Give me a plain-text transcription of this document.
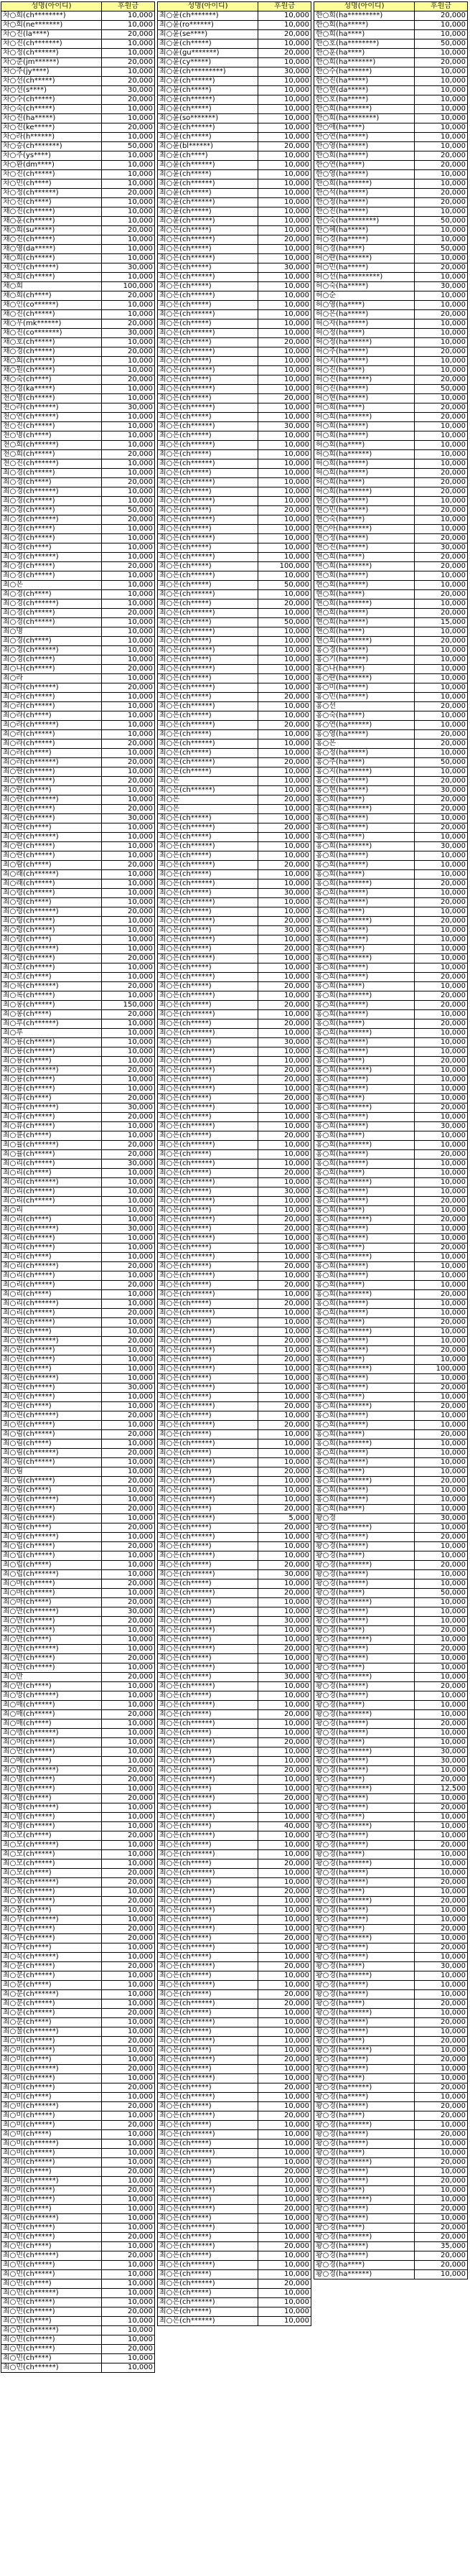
성명(아이디)	후원금
차○희(ch********)	10,000
차○희(ne*******)	10,000
차○진(la****)	20,000
차○진(ch*******)	10,000
차○정(ch******)	10,000
차○준(jm******)	20,000
차○주(jy****)	10,000
차○선(ch*****)	20,000
차○선(s****)	30,000
차○수(ch*****)	20,000
차○숙(ch*****)	10,000
차○진(ha*****)	10,000
차○진(ke*****)	20,000
차○라(h******)	10,000
차○승(ch*******)	50,000
차○주(ys****)	10,000
차○환(dm****)	10,000
차○진(ch*****)	10,000
차○민(ch****)	10,000
차○정(ch******)	20,000
차○진(ch****)	10,000
채○진(ch*****)	10,000
채○훈(ch*****)	10,000
채○희(su*****)	20,000
채○진(ch*****)	10,000
채○영(da*****)	10,000
채○희(ch*****)	10,000
채○인(ch******)	30,000
채○희(ch*****)	10,000
채○희	100,000
채○희(ch****)	20,000
채○인(co******)	10,000
채○진(ch*****)	10,000
채○우(mk******)	20,000
채○진(co*******)	30,000
채○호(ch*****)	10,000
채○경(ch*****)	20,000
채○희(ch*****)	10,000
채○원(ch*****)	10,000
채○숙(ch****)	20,000
천○경(ka*****)	10,000
천○명(ch*****)	10,000
천○라(ch******)	30,000
천○연(ch******)	10,000
천○진(ch*****)	10,000
천○명(ch****)	10,000
천○희(ch******)	10,000
천○희(ch*****)	20,000
천○진(ch******)	10,000
최○경(ch*****)	10,000
최○경(ch****)	20,000
최○경(ch******)	10,000
최○경(ch*****)	10,000
최○경(ch*****)	50,000
최○경(ch******)	20,000
최○경(ch*****)	10,000
최○경(ch*****)	10,000
최○경(ch****)	10,000
최○경(ch******)	10,000
최○경(ch*****)	20,000
최○경(ch*****)	10,000
최○은	10,000
최○경(ch****)	10,000
최○경(ch******)	10,000
최○경(ch*****)	20,000
최○경(ch*****)	10,000
최○명	10,000
최○경(ch****)	10,000
최○경(ch******)	10,000
최○경(ch*****)	10,000
최○나(ch*****)	20,000
최○라	10,000
최○라(ch******)	20,000
최○라(ch*****)	10,000
최○라(ch*****)	10,000
최○라(ch****)	10,000
최○라(ch******)	10,000
최○라(ch*****)	10,000
최○라(ch*****)	20,000
최○라(ch****)	10,000
최○라(ch******)	20,000
최○란(ch*****)	10,000
최○란(ch*****)	20,000
최○란(ch****)	10,000
최○란(ch******)	10,000
최○란(ch*****)	20,000
최○란(ch*****)	30,000
최○란(ch****)	10,000
최○란(ch******)	10,000
최○란(ch*****)	10,000
최○란(ch*****)	10,000
최○람(ch****)	20,000
최○래(ch******)	10,000
최○래(ch*****)	10,000
최○령(ch*****)	10,000
최○령(ch****)	10,000
최○령(ch******)	20,000
최○령(ch*****)	10,000
최○령(ch*****)	10,000
최○령(ch****)	10,000
최○령(ch******)	10,000
최○령(ch*****)	20,000
최○로(ch*****)	10,000
최○로(ch****)	10,000
최○록(ch******)	20,000
최○록(ch*****)	10,000
최○롱(ch*****)	150,000
최○롱(ch****)	20,000
최○루(ch******)	10,000
최○루	10,000
최○룡(ch*****)	10,000
최○룡(ch*****)	10,000
최○룡(ch****)	10,000
최○룡(ch******)	20,000
최○룡(ch*****)	10,000
최○룡(ch*****)	10,000
최○류(ch****)	20,000
최○류(ch******)	30,000
최○류(ch*****)	20,000
최○류(ch*****)	10,000
최○륜(ch****)	10,000
최○률(ch******)	20,000
최○률(ch*****)	20,000
최○리(ch*****)	30,000
최○리(ch****)	10,000
최○리(ch******)	10,000
최○리(ch*****)	10,000
최○리(ch*****)	10,000
최○리	10,000
최○리(ch****)	10,000
최○리(ch******)	30,000
최○리(ch*****)	10,000
최○리(ch*****)	10,000
최○리(ch****)	10,000
최○리(ch******)	20,000
최○리(ch*****)	10,000
최○리(ch*****)	20,000
최○리(ch****)	10,000
최○리(ch******)	10,000
최○리(ch*****)	20,000
최○린(ch*****)	10,000
최○린(ch****)	10,000
최○린(ch******)	20,000
최○린(ch*****)	10,000
최○린(ch*****)	10,000
최○린(ch****)	10,000
최○린(ch******)	10,000
최○린(ch*****)	30,000
최○린(ch*****)	10,000
최○린(ch****)	10,000
최○린(ch******)	20,000
최○린(ch*****)	10,000
최○림(ch*****)	20,000
최○림(ch****)	10,000
최○림(ch******)	20,000
최○림(ch*****)	10,000
최○림	10,000
최○림(ch*****)	20,000
최○림(ch****)	10,000
최○림(ch******)	10,000
최○림(ch*****)	20,000
최○림(ch*****)	10,000
최○림(ch****)	20,000
최○림(ch******)	10,000
최○립(ch*****)	20,000
최○립(ch*****)	10,000
최○립(ch****)	10,000
최○립(ch******)	10,000
최○마(ch*****)	20,000
최○마(ch*****)	10,000
최○마(ch****)	20,000
최○만(ch******)	30,000
최○만(ch*****)	20,000
최○만(ch*****)	10,000
최○만(ch****)	10,000
최○만(ch******)	10,000
최○만(ch*****)	20,000
최○만(ch*****)	10,000
최○만	20,000
최○만(ch****)	10,000
최○망(ch******)	10,000
최○매(ch*****)	10,000
최○매(ch*****)	20,000
최○매(ch****)	10,000
최○맹(ch******)	10,000
최○머(ch*****)	10,000
최○먼(ch*****)	10,000
최○메(ch****)	10,000
최○명(ch******)	20,000
최○명(ch*****)	20,000
최○명(ch*****)	10,000
최○명(ch****)	20,000
최○명(ch******)	10,000
최○명(ch*****)	10,000
최○명(ch*****)	10,000
최○모(ch****)	20,000
최○모(ch******)	10,000
최○모(ch*****)	10,000
최○모(ch*****)	10,000
최○모(ch****)	20,000
최○목(ch******)	20,000
최○목(ch*****)	10,000
최○몽(ch*****)	20,000
최○몽(ch****)	10,000
최○무(ch******)	10,000
최○무(ch*****)	20,000
최○무(ch*****)	20,000
최○무(ch****)	10,000
최○묵(ch******)	10,000
최○문(ch*****)	20,000
최○문(ch*****)	10,000
최○문(ch****)	10,000
최○문(ch******)	10,000
최○문(ch*****)	10,000
최○문(ch*****)	20,000
최○문(ch****)	10,000
최○물(ch******)	10,000
최○미(ch*****)	20,000
최○미(ch*****)	10,000
최○미(ch****)	10,000
최○미(ch******)	20,000
최○미(ch*****)	10,000
최○미(ch*****)	20,000
최○미(ch****)	10,000
최○미(ch******)	20,000
최○미(ch*****)	10,000
최○미(ch*****)	20,000
최○미(ch****)	10,000
최○미(ch******)	10,000
최○미(ch*****)	10,000
최○미(ch*****)	10,000
최○미(ch****)	20,000
최○미(ch******)	10,000
최○미(ch*****)	20,000
최○미(ch*****)	10,000
최○미(ch****)	10,000
최○미(ch******)	10,000
최○민(ch*****)	10,000
최○민(ch*****)	20,000
최○민(ch****)	10,000
최○민(ch******)	20,000
최○민(ch*****)	10,000
최○민(ch*****)	10,000
최○민(ch****)	10,000
최○민(ch******)	10,000
최○민(ch*****)	10,000
최○민(ch*****)	20,000
최○민(ch****)	10,000
최○민(ch******)	10,000
최○민(ch*****)	10,000
최○민(ch*****)	20,000
최○민(ch****)	10,000
최○민(ch******)	10,000
성명(아이디)	후원금
최○윤(ch*******)	10,000
최○윤(ro******)	10,000
최○윤(se****)	20,000
최○윤(ch*****)	10,000
최○윤(gu*******)	20,000
최○윤(cy*****)	10,000
최○윤(ch*********)	30,000
최○윤(ch******)	10,000
최○윤(ch*****)	10,000
최○윤(ch******)	10,000
최○윤(ch*****)	10,000
최○윤(so*******)	10,000
최○윤(ch******)	10,000
최○윤(ch*****)	10,000
최○윤(bl******)	20,000
최○윤(ch****)	10,000
최○윤(ch******)	10,000
최○윤(ch*****)	10,000
최○윤(ch******)	10,000
최○윤(ch*****)	10,000
최○윤(ch******)	10,000
최○윤(ch*****)	10,000
최○윤(ch******)	10,000
최○은(ch*****)	10,000
최○은(ch******)	20,000
최○은(ch*****)	10,000
최○은(ch******)	10,000
최○은(ch*****)	30,000
최○은(ch******)	10,000
최○은(ch*****)	10,000
최○은(ch******)	10,000
최○은(ch*****)	10,000
최○은(ch******)	10,000
최○은(ch*****)	10,000
최○은(ch******)	10,000
최○은(ch*****)	20,000
최○은(ch******)	10,000
최○은(ch*****)	10,000
최○은(ch******)	10,000
최○은(ch*****)	10,000
최○은(ch******)	10,000
최○은(ch*****)	20,000
최○은(ch******)	10,000
최○은(ch*****)	10,000
최○은(ch******)	30,000
최○은(ch*****)	10,000
최○은(ch******)	10,000
최○은(ch*****)	10,000
최○은(ch******)	10,000
최○은(ch*****)	10,000
최○은(ch******)	10,000
최○은(ch*****)	10,000
최○은(ch******)	10,000
최○은(ch*****)	20,000
최○은(ch******)	10,000
최○은(ch*****)	10,000
최○은(ch******)	10,000
최○은(ch*****)	10,000
최○은(ch******)	10,000
최○은(ch*****)	100,000
최○은(ch******)	10,000
최○은(ch*****)	50,000
최○은(ch******)	10,000
최○은(ch*****)	20,000
최○은(ch******)	10,000
최○은(ch*****)	50,000
최○은(ch******)	10,000
최○은(ch*****)	10,000
최○은(ch******)	10,000
최○은(ch*****)	10,000
최○은(ch******)	10,000
최○은(ch*****)	10,000
최○은(ch******)	10,000
최○은(ch*****)	20,000
최○은(ch******)	10,000
최○은(ch*****)	10,000
최○은(ch******)	20,000
최○은(ch*****)	10,000
최○은(ch******)	10,000
최○은(ch*****)	10,000
최○은(ch******)	20,000
최○은(ch*****)	10,000
최○은	10,000
최○은(ch******)	10,000
최○은	20,000
최○은	10,000
최○은(ch*****)	10,000
최○은(ch******)	20,000
최○은(ch*****)	10,000
최○은(ch******)	10,000
최○은(ch*****)	10,000
최○은(ch******)	20,000
최○은(ch*****)	10,000
최○은(ch******)	10,000
최○은(ch*****)	30,000
최○은(ch******)	10,000
최○은(ch*****)	10,000
최○은(ch******)	20,000
최○은(ch*****)	30,000
최○은(ch******)	10,000
최○은(ch*****)	20,000
최○은(ch******)	10,000
최○은(ch*****)	10,000
최○은(ch******)	10,000
최○은(ch*****)	20,000
최○은(ch******)	10,000
최○은(ch*****)	20,000
최○은(ch******)	10,000
최○은(ch*****)	20,000
최○은(ch******)	10,000
최○은(ch*****)	30,000
최○은(ch******)	10,000
최○은(ch*****)	10,000
최○은(ch******)	20,000
최○은(ch*****)	20,000
최○은(ch******)	10,000
최○은(ch*****)	20,000
최○은(ch******)	10,000
최○은(ch*****)	10,000
최○은(ch******)	10,000
최○은(ch*****)	20,000
최○은(ch******)	10,000
최○은(ch*****)	10,000
최○은(ch******)	10,000
최○은(ch*****)	20,000
최○은(ch******)	10,000
최○은(ch*****)	30,000
최○은(ch******)	10,000
최○은(ch*****)	10,000
최○은(ch******)	20,000
최○은(ch*****)	20,000
최○은(ch******)	10,000
최○은(ch*****)	10,000
최○은(ch******)	10,000
최○은(ch*****)	20,000
최○은(ch******)	10,000
최○은(ch*****)	20,000
최○은(ch******)	10,000
최○은(ch*****)	20,000
최○은(ch******)	10,000
최○은(ch*****)	10,000
최○은(ch******)	10,000
최○은(ch*****)	20,000
최○은(ch******)	10,000
최○은(ch*****)	20,000
최○은(ch******)	10,000
최○은(ch*****)	10,000
최○은(ch******)	10,000
최○은(ch*****)	10,000
최○은(ch******)	20,000
최○은(ch*****)	10,000
최○은(ch******)	20,000
최○은(ch*****)	10,000
최○은(ch******)	10,000
최○은(ch*****)	10,000
최○은(ch******)	10,000
최○은(ch*****)	20,000
최○은(ch******)	10,000
최○은(ch*****)	10,000
최○은(ch******)	10,000
최○은(ch*****)	20,000
최○은(ch******)	5,000
최○은(ch*****)	20,000
최○은(ch******)	10,000
최○은(ch*****)	10,000
최○은(ch******)	10,000
최○은(ch*****)	20,000
최○은(ch******)	30,000
최○은(ch*****)	10,000
최○은(ch******)	20,000
최○은(ch*****)	10,000
최○은(ch******)	10,000
최○은(ch*****)	30,000
최○은(ch******)	10,000
최○은(ch*****)	10,000
최○은(ch******)	20,000
최○은(ch*****)	10,000
최○은(ch******)	10,000
최○은(ch*****)	30,000
최○은(ch******)	10,000
최○은(ch*****)	10,000
최○은(ch******)	10,000
최○은(ch*****)	20,000
최○은(ch******)	10,000
최○은(ch*****)	10,000
최○은(ch******)	20,000
최○은(ch*****)	10,000
최○은(ch******)	10,000
최○은(ch*****)	20,000
최○은(ch******)	10,000
최○은(ch*****)	10,000
최○은(ch******)	20,000
최○은(ch*****)	10,000
최○은(ch******)	10,000
최○은(ch*****)	40,000
최○은(ch******)	10,000
최○은(ch*****)	10,000
최○은(ch******)	10,000
최○은(ch*****)	20,000
최○은(ch******)	10,000
최○은(ch*****)	10,000
최○은(ch******)	20,000
최○은(ch*****)	10,000
최○은(ch******)	10,000
최○은(ch*****)	10,000
최○은(ch******)	10,000
최○은(ch*****)	20,000
최○은(ch******)	10,000
최○은(ch*****)	10,000
최○은(ch******)	20,000
최○은(ch*****)	10,000
최○은(ch******)	10,000
최○은(ch*****)	20,000
최○은(ch******)	20,000
최○은(ch*****)	10,000
최○은(ch******)	10,000
최○은(ch*****)	10,000
최○은(ch******)	10,000
최○은(ch*****)	10,000
최○은(ch******)	20,000
최○은(ch*****)	10,000
최○은(ch******)	10,000
최○은(ch*****)	20,000
최○은(ch******)	10,000
최○은(ch*****)	10,000
최○은(ch******)	20,000
최○은(ch*****)	10,000
최○은(ch******)	10,000
최○은(ch*****)	10,000
최○은(ch******)	10,000
최○은(ch*****)	10,000
최○은(ch******)	20,000
최○은(ch*****)	10,000
최○은(ch******)	10,000
최○은(ch*****)	10,000
최○은(ch******)	20,000
최○은(ch*****)	10,000
최○은(ch******)	10,000
최○은(ch*****)	10,000
최○은(ch******)	20,000
최○은(ch*****)	10,000
최○은(ch******)	10,000
최○은(ch*****)	10,000
최○은(ch******)	20,000
최○은(ch*****)	10,000
최○은(ch******)	10,000
최○은(ch*****)	10,000
최○은(ch******)	10,000
성명(아이디)	후원금
한○희(ha*********)	20,000
한○희(ha*****)	10,000
한○희(ha****)	10,000
한○호(ha********)	50,000
한○훈(ha****)	10,000
한○희(ha*******)	20,000
한○수(ha******)	10,000
한○진(ha*****)	10,000
한○현(da*****)	10,000
한○호(ha*****)	10,000
한○희(ha******)	10,000
한○희(ha********)	10,000
한○애(ha****)	10,000
한○연(ha*****)	10,000
한○영(ha*****)	10,000
한○희(ha*****)	20,000
한○연(ha****)	20,000
한○영(ha*****)	10,000
한○희(ha******)	10,000
한○석(ha*****)	20,000
한○정(ha*****)	20,000
한○진(ha*****)	10,000
한○숙(ha********)	50,000
한○혜(ha*****)	10,000
허○경(ha*****)	10,000
허○경(ha****)	50,000
허○란(ha******)	10,000
허○민(ha*****)	20,000
허○선(ha*********)	10,000
허○숙(ha*****)	30,000
허○순	10,000
허○영(ha****)	10,000
허○은(ha*****)	20,000
허○자(ha*****)	10,000
허○정(ha****)	10,000
허○정(ha******)	10,000
허○주(ha*****)	20,000
허○지(ha*****)	10,000
허○진(ha****)	10,000
허○진(ha******)	20,000
허○진(ha*****)	50,000
허○현(ha*****)	10,000
허○희(ha****)	20,000
허○희(ha******)	20,000
허○희(ha*****)	10,000
허○희(ha*****)	10,000
허○희(ha****)	10,000
허○희(ha******)	10,000
허○희(ha*****)	10,000
허○희(ha*****)	20,000
허○희(ha****)	20,000
허○희(ha******)	20,000
현○경(ha*****)	10,000
현○민(ha*****)	20,000
현○숙(ha****)	10,000
현○아(ha******)	10,000
현○정(ha*****)	20,000
현○진(ha*****)	30,000
현○희(ha****)	20,000
현○희(ha******)	20,000
현○희(ha*****)	10,000
현○희(ha*****)	10,000
현○희(ha****)	20,000
현○희(ha******)	10,000
현○희(ha*****)	20,000
현○희(ha*****)	15,000
현○희(ha****)	10,000
현○희(ha******)	20,000
홍○경(ha*****)	10,000
홍○기(ha*****)	10,000
홍○나(ha****)	10,000
홍○란(ha******)	10,000
홍○미(ha*****)	10,000
홍○민(ha*****)	10,000
홍○선	20,000
홍○숙(ha****)	10,000
홍○연(ha******)	10,000
홍○영(ha*****)	20,000
홍○은	20,000
홍○정(ha*****)	10,000
홍○주(ha****)	50,000
홍○지(ha******)	10,000
홍○진(ha*****)	20,000
홍○현(ha*****)	30,000
홍○희(ha****)	20,000
홍○희(ha******)	20,000
홍○희(ha*****)	10,000
홍○희(ha*****)	20,000
홍○희(ha****)	10,000
홍○희(ha******)	30,000
홍○희(ha*****)	10,000
홍○희(ha*****)	10,000
홍○희(ha****)	10,000
홍○희(ha******)	20,000
홍○희(ha*****)	10,000
홍○희(ha*****)	20,000
홍○희(ha****)	10,000
홍○희(ha******)	20,000
홍○희(ha*****)	10,000
홍○희(ha*****)	10,000
홍○희(ha****)	10,000
홍○희(ha******)	10,000
홍○희(ha*****)	10,000
홍○희(ha*****)	20,000
홍○희(ha****)	10,000
홍○희(ha******)	20,000
홍○희(ha*****)	20,000
홍○희(ha*****)	10,000
홍○희(ha****)	20,000
홍○희(ha******)	10,000
홍○희(ha*****)	10,000
홍○희(ha*****)	10,000
홍○희(ha****)	20,000
홍○희(ha******)	10,000
홍○희(ha*****)	10,000
홍○희(ha*****)	10,000
홍○희(ha****)	10,000
홍○희(ha******)	20,000
홍○희(ha*****)	10,000
홍○희(ha*****)	30,000
홍○희(ha****)	10,000
홍○희(ha******)	10,000
홍○희(ha*****)	20,000
홍○희(ha*****)	10,000
홍○희(ha****)	10,000
홍○희(ha******)	10,000
홍○희(ha*****)	10,000
홍○희(ha*****)	20,000
홍○희(ha****)	10,000
홍○희(ha******)	20,000
홍○희(ha*****)	10,000
홍○희(ha*****)	10,000
홍○희(ha****)	20,000
홍○희(ha******)	10,000
홍○희(ha*****)	10,000
홍○희(ha*****)	10,000
홍○희(ha****)	10,000
홍○희(ha******)	20,000
홍○희(ha*****)	10,000
홍○희(ha*****)	10,000
홍○희(ha****)	20,000
홍○희(ha******)	10,000
홍○희(ha*****)	10,000
홍○희(ha*****)	20,000
홍○희(ha****)	10,000
홍○희(ha******)	100,000
홍○희(ha*****)	10,000
홍○희(ha*****)	20,000
홍○희(ha****)	10,000
홍○희(ha******)	20,000
홍○희(ha*****)	10,000
홍○희(ha*****)	10,000
홍○희(ha****)	20,000
홍○희(ha******)	10,000
홍○희(ha*****)	10,000
홍○희(ha*****)	10,000
홍○희(ha****)	10,000
홍○희(ha******)	20,000
홍○희(ha*****)	10,000
홍○희(ha*****)	10,000
홍○희(ha****)	10,000
황○경	30,000
황○경(ha******)	10,000
황○경(ha*****)	20,000
황○경(ha*****)	10,000
황○경(ha****)	10,000
황○경(ha******)	20,000
황○경(ha*****)	10,000
황○경(ha*****)	10,000
황○경(ha****)	50,000
황○경(ha******)	10,000
황○경(ha*****)	10,000
황○경(ha*****)	10,000
황○경(ha****)	20,000
황○경(ha******)	10,000
황○경(ha*****)	20,000
황○경(ha*****)	10,000
황○경(ha****)	10,000
황○경(ha******)	10,000
황○경(ha*****)	20,000
황○경(ha*****)	10,000
황○경(ha****)	10,000
황○경(ha******)	10,000
황○경(ha*****)	20,000
황○경(ha*****)	10,000
황○경(ha****)	10,000
황○경(ha******)	30,000
황○경(ha*****)	30,000
황○경(ha*****)	10,000
황○경(ha****)	20,000
황○경(ha******)	12,500
황○경(ha*****)	10,000
황○경(ha*****)	20,000
황○경(ha****)	10,000
황○경(ha******)	10,000
황○경(ha*****)	10,000
황○경(ha*****)	20,000
황○경(ha****)	10,000
황○경(ha******)	10,000
황○경(ha*****)	10,000
황○경(ha*****)	20,000
황○경(ha****)	10,000
황○경(ha******)	20,000
황○경(ha*****)	10,000
황○경(ha*****)	10,000
황○경(ha****)	20,000
황○경(ha******)	10,000
황○경(ha*****)	20,000
황○경(ha*****)	10,000
황○경(ha****)	30,000
황○경(ha******)	10,000
황○경(ha*****)	10,000
황○경(ha*****)	10,000
황○경(ha****)	20,000
황○경(ha******)	10,000
황○경(ha*****)	20,000
황○경(ha*****)	10,000
황○경(ha****)	20,000
황○경(ha******)	10,000
황○경(ha*****)	20,000
황○경(ha*****)	10,000
황○경(ha****)	10,000
황○경(ha******)	20,000
황○경(ha*****)	10,000
황○경(ha*****)	20,000
황○경(ha****)	20,000
황○경(ha******)	10,000
황○경(ha*****)	20,000
황○경(ha*****)	10,000
황○경(ha****)	10,000
황○경(ha******)	20,000
황○경(ha*****)	10,000
황○경(ha*****)	20,000
황○경(ha****)	10,000
황○경(ha******)	10,000
황○경(ha*****)	20,000
황○경(ha*****)	10,000
황○경(ha****)	20,000
황○경(ha******)	20,000
황○경(ha*****)	35,000
황○경(ha*****)	20,000
황○경(ha****)	20,000
황○경(ha******)	10,000
